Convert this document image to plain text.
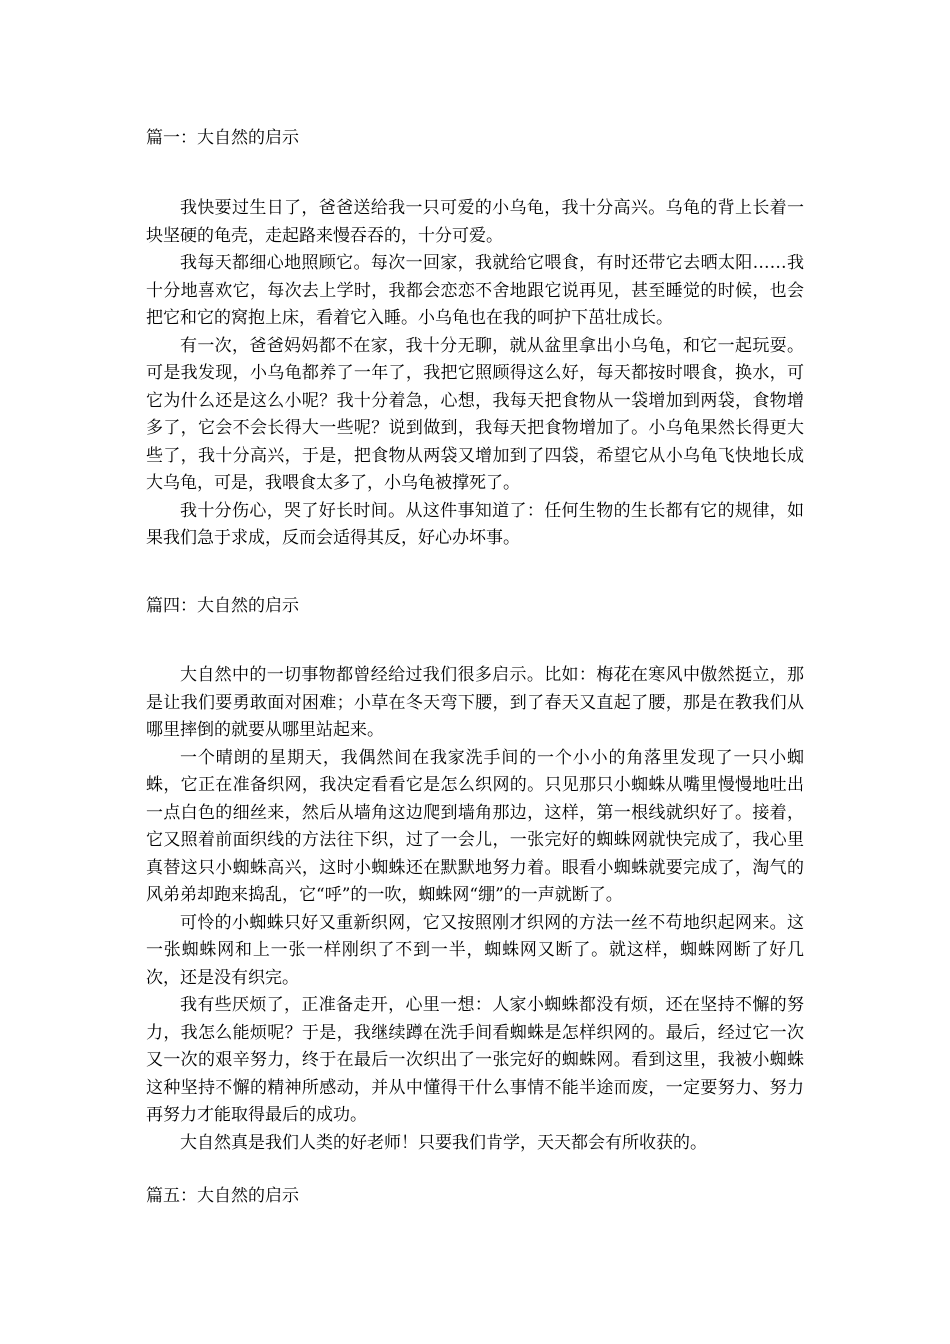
篇一：大自然的启示

我快要过生日了，爸爸送给我一只可爱的小乌龟，我十分高兴。乌龟的背上长着一块坚硬的龟壳，走起路来慢吞吞的，十分可爱。

我每天都细心地照顾它。每次一回家，我就给它喂食，有时还带它去晒太阳……我十分地喜欢它，每次去上学时，我都会恋恋不舍地跟它说再见，甚至睡觉的时候，也会把它和它的窝抱上床，看着它入睡。小乌龟也在我的呵护下茁壮成长。

有一次，爸爸妈妈都不在家，我十分无聊，就从盆里拿出小乌龟，和它一起玩耍。可是我发现，小乌龟都养了一年了，我把它照顾得这么好，每天都按时喂食，换水，可它为什么还是这么小呢？我十分着急，心想，我每天把食物从一袋增加到两袋，食物增多了，它会不会长得大一些呢？说到做到，我每天把食物增加了。小乌龟果然长得更大些了，我十分高兴，于是，把食物从两袋又增加到了四袋，希望它从小乌龟飞快地长成大乌龟，可是，我喂食太多了，小乌龟被撑死了。

我十分伤心，哭了好长时间。从这件事知道了：任何生物的生长都有它的规律，如果我们急于求成，反而会适得其反，好心办坏事。

篇四：大自然的启示

大自然中的一切事物都曾经给过我们很多启示。比如：梅花在寒风中傲然挺立，那是让我们要勇敢面对困难；小草在冬天弯下腰，到了春天又直起了腰，那是在教我们从哪里摔倒的就要从哪里站起来。

一个晴朗的星期天，我偶然间在我家洗手间的一个小小的角落里发现了一只小蜘蛛，它正在准备织网，我决定看看它是怎么织网的。只见那只小蜘蛛从嘴里慢慢地吐出一点白色的细丝来，然后从墙角这边爬到墙角那边，这样，第一根线就织好了。接着，它又照着前面织线的方法往下织，过了一会儿，一张完好的蜘蛛网就快完成了，我心里真替这只小蜘蛛高兴，这时小蜘蛛还在默默地努力着。眼看小蜘蛛就要完成了，淘气的风弟弟却跑来捣乱，它“呼”的一吹，蜘蛛网“绷”的一声就断了。

可怜的小蜘蛛只好又重新织网，它又按照刚才织网的方法一丝不苟地织起网来。这一张蜘蛛网和上一张一样刚织了不到一半，蜘蛛网又断了。就这样，蜘蛛网断了好几次，还是没有织完。

我有些厌烦了，正准备走开，心里一想：人家小蜘蛛都没有烦，还在坚持不懈的努力，我怎么能烦呢？于是，我继续蹲在洗手间看蜘蛛是怎样织网的。最后，经过它一次又一次的艰辛努力，终于在最后一次织出了一张完好的蜘蛛网。看到这里，我被小蜘蛛这种坚持不懈的精神所感动，并从中懂得干什么事情不能半途而废，一定要努力、努力再努力才能取得最后的成功。

大自然真是我们人类的好老师！只要我们肯学，天天都会有所收获的。

篇五：大自然的启示
